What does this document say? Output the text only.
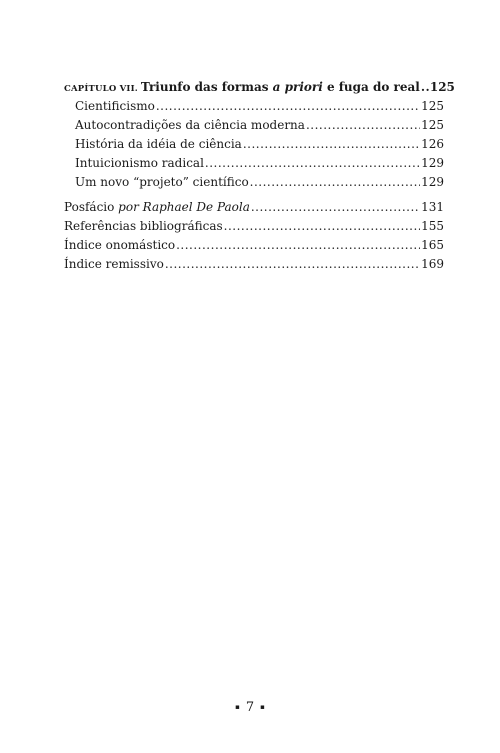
CAPÍTULO VII. Triunfo das formas a priori e fuga do real ..... 125
Cientificismo .....	125
Autocontradições da ciência moderna .....	125
História da idéia de ciência .....	126
Intuicionismo radical .....	129
Um novo “projeto” científico .....	129
Posfácio por Raphael De Paola .....	131
Referências bibliográficas .....	155
Índice onomástico .....	165
Índice remissivo .....	169
▪ 7 ▪
